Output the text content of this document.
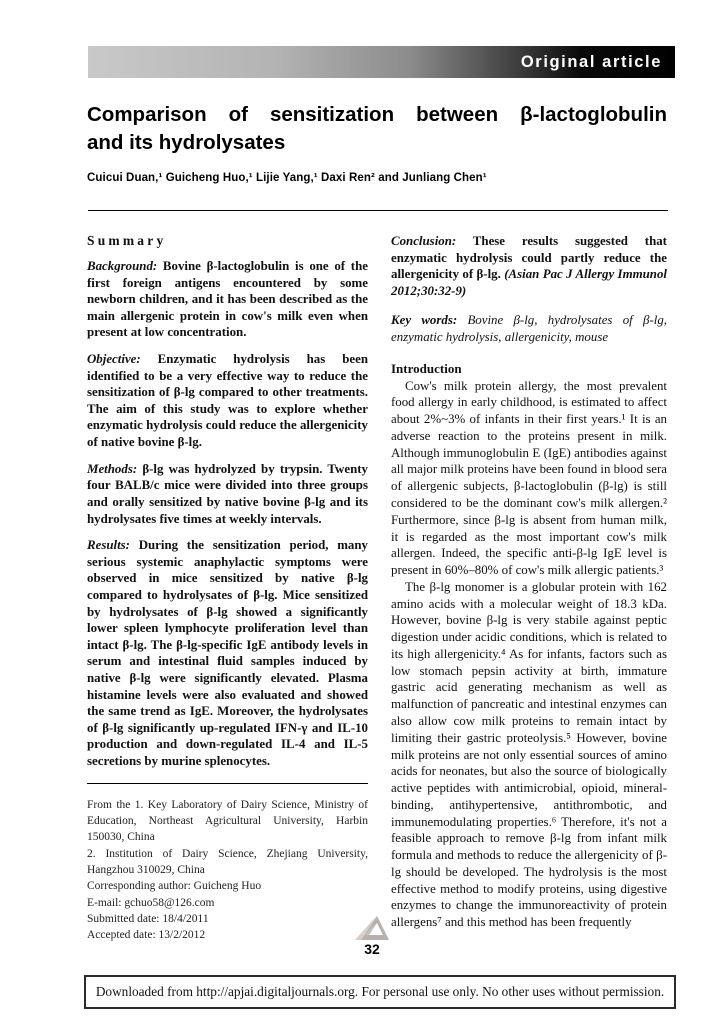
Original article
Comparison of sensitization between β-lactoglobulin
and its hydrolysates
Cuicui Duan,¹ Guicheng Huo,¹ Lijie Yang,¹ Daxi Ren² and Junliang Chen¹
Summary

Background: Bovine β-lactoglobulin is one of the first foreign antigens encountered by some newborn children, and it has been described as the main allergenic protein in cow's milk even when present at low concentration.

Objective: Enzymatic hydrolysis has been identified to be a very effective way to reduce the sensitization of β-lg compared to other treatments. The aim of this study was to explore whether enzymatic hydrolysis could reduce the allergenicity of native bovine β-lg.

Methods: β-lg was hydrolyzed by trypsin. Twenty four BALB/c mice were divided into three groups and orally sensitized by native bovine β-lg and its hydrolysates five times at weekly intervals.

Results: During the sensitization period, many serious systemic anaphylactic symptoms were observed in mice sensitized by native β-lg compared to hydrolysates of β-lg. Mice sensitized by hydrolysates of β-lg showed a significantly lower spleen lymphocyte proliferation level than intact β-lg. The β-lg-specific IgE antibody levels in serum and intestinal fluid samples induced by native β-lg were significantly elevated. Plasma histamine levels were also evaluated and showed the same trend as IgE. Moreover, the hydrolysates of β-lg significantly up-regulated IFN-γ and IL-10 production and down-regulated IL-4 and IL-5 secretions by murine splenocytes.

From the 1. Key Laboratory of Dairy Science, Ministry of Education, Northeast Agricultural University, Harbin 150030, China
2. Institution of Dairy Science, Zhejiang University, Hangzhou 310029, China
Corresponding author: Guicheng Huo
E-mail: gchuo58@126.com
Submitted date: 18/4/2011
Accepted date: 13/2/2012

Conclusion: These results suggested that enzymatic hydrolysis could partly reduce the allergenicity of β-lg. (Asian Pac J Allergy Immunol 2012;30:32-9)

Key words: Bovine β-lg, hydrolysates of β-lg, enzymatic hydrolysis, allergenicity, mouse

Introduction

Cow's milk protein allergy, the most prevalent food allergy in early childhood, is estimated to affect about 2%~3% of infants in their first years.¹ It is an adverse reaction to the proteins present in milk. Although immunoglobulin E (IgE) antibodies against all major milk proteins have been found in blood sera of allergenic subjects, β-lactoglobulin (β-lg) is still considered to be the dominant cow's milk allergen.² Furthermore, since β-lg is absent from human milk, it is regarded as the most important cow's milk allergen. Indeed, the specific anti-β-lg IgE level is present in 60%–80% of cow's milk allergic patients.³

The β-lg monomer is a globular protein with 162 amino acids with a molecular weight of 18.3 kDa. However, bovine β-lg is very stabile against peptic digestion under acidic conditions, which is related to its high allergenicity.⁴ As for infants, factors such as low stomach pepsin activity at birth, immature gastric acid generating mechanism as well as malfunction of pancreatic and intestinal enzymes can also allow cow milk proteins to remain intact by limiting their gastric proteolysis.⁵ However, bovine milk proteins are not only essential sources of amino acids for neonates, but also the source of biologically active peptides with antimicrobial, opioid, mineral-binding, antihypertensive, antithrombotic, and immunemodulating properties.⁶ Therefore, it's not a feasible approach to remove β-lg from infant milk formula and methods to reduce the allergenicity of β-lg should be developed. The hydrolysis is the most effective method to modify proteins, using digestive enzymes to change the immunoreactivity of protein allergens⁷ and this method has been frequently

32
Downloaded from http://apjai.digitaljournals.org. For personal use only. No other uses without permission.
